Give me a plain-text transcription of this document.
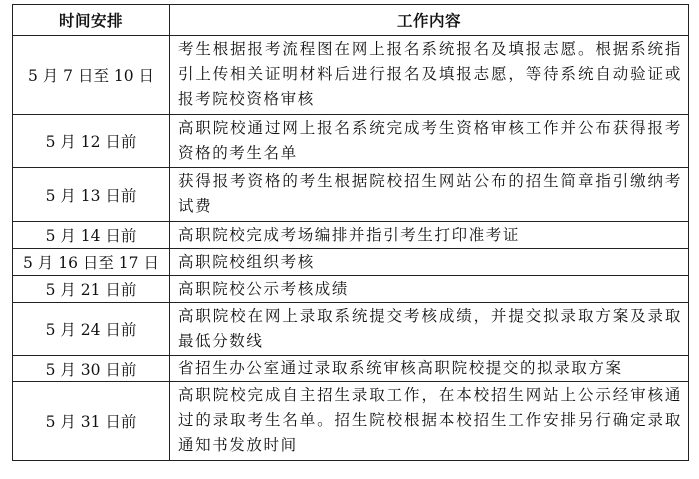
时间安排	工作内容
5 月 7 日至 10 日	考生根据报考流程图在网上报名系统报名及填报志愿。根据系统指引上传相关证明材料后进行报名及填报志愿，等待系统自动验证或报考院校资格审核
5 月 12 日前	高职院校通过网上报名系统完成考生资格审核工作并公布获得报考资格的考生名单
5 月 13 日前	获得报考资格的考生根据院校招生网站公布的招生简章指引缴纳考试费
5 月 14 日前	高职院校完成考场编排并指引考生打印准考证
5 月 16 日至 17 日	高职院校组织考核
5 月 21 日前	高职院校公示考核成绩
5 月 24 日前	高职院校在网上录取系统提交考核成绩，并提交拟录取方案及录取最低分数线
5 月 30 日前	省招生办公室通过录取系统审核高职院校提交的拟录取方案
5 月 31 日前	高职院校完成自主招生录取工作，在本校招生网站上公示经审核通过的录取考生名单。招生院校根据本校招生工作安排另行确定录取通知书发放时间
